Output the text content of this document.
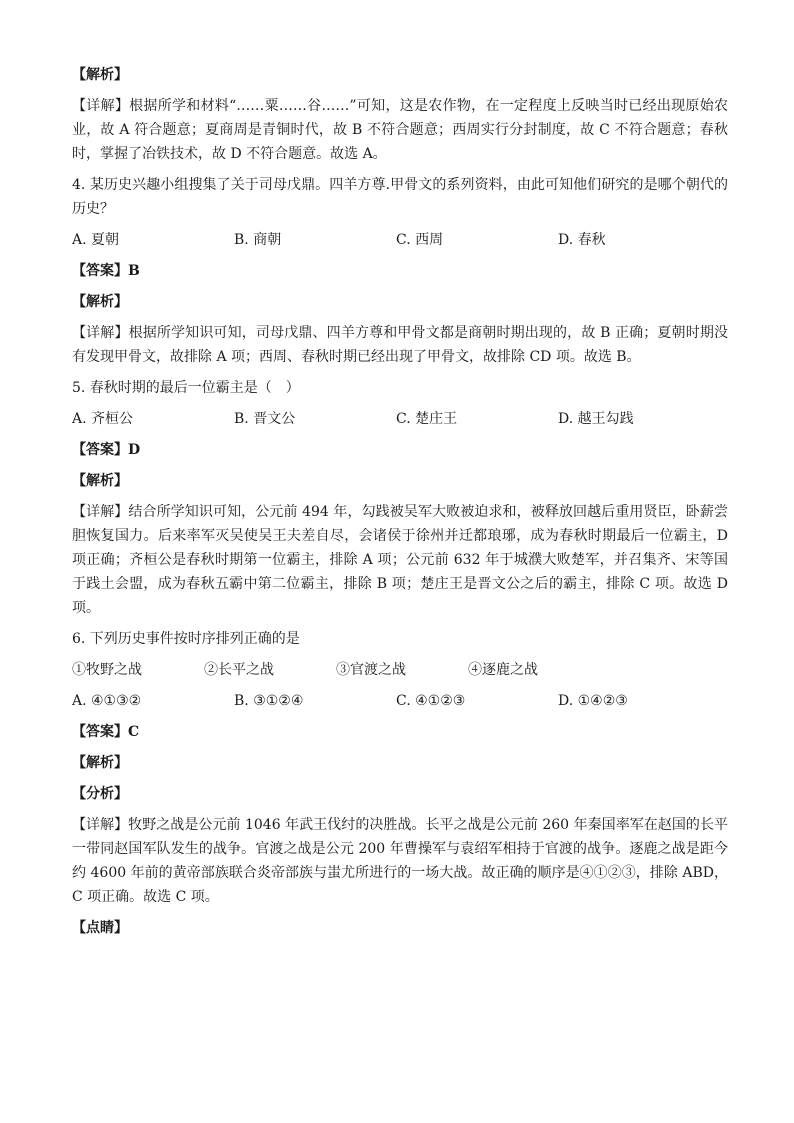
【解析】

【详解】根据所学和材料“……粟……谷……”可知，这是农作物，在一定程度上反映当时已经出现原始农业，故 A 符合题意；夏商周是青铜时代，故 B 不符合题意；西周实行分封制度，故 C 不符合题意；春秋时，掌握了冶铁技术，故 D 不符合题意。故选 A。

4. 某历史兴趣小组搜集了关于司母戊鼎。四羊方尊.甲骨文的系列资料，由此可知他们研究的是哪个朝代的历史？

A. 夏朝	B. 商朝	C. 西周	D. 春秋

【答案】B

【解析】

【详解】根据所学知识可知，司母戊鼎、四羊方尊和甲骨文都是商朝时期出现的，故 B 正确；夏朝时期没有发现甲骨文，故排除 A 项；西周、春秋时期已经出现了甲骨文，故排除 CD 项。故选 B。

5. 春秋时期的最后一位霸主是（　）

A. 齐桓公	B. 晋文公	C. 楚庄王	D. 越王勾践

【答案】D

【解析】

【详解】结合所学知识可知，公元前 494 年，勾践被吴军大败被迫求和，被释放回越后重用贤臣，卧薪尝胆恢复国力。后来率军灭吴使吴王夫差自尽，会诸侯于徐州并迁都琅琊，成为春秋时期最后一位霸主，D 项正确；齐桓公是春秋时期第一位霸主，排除 A 项；公元前 632 年于城濮大败楚军，并召集齐、宋等国于践土会盟，成为春秋五霸中第二位霸主，排除 B 项；楚庄王是晋文公之后的霸主，排除 C 项。故选 D 项。

6. 下列历史事件按时序排列正确的是

①牧野之战	②长平之战	③官渡之战	④逐鹿之战
A. ④①③②	B. ③①②④	C. ④①②③	D. ①④②③

【答案】C

【解析】

【分析】

【详解】牧野之战是公元前 1046 年武王伐纣的决胜战。长平之战是公元前 260 年秦国率军在赵国的长平一带同赵国军队发生的战争。官渡之战是公元 200 年曹操军与袁绍军相持于官渡的战争。逐鹿之战是距今约 4600 年前的黄帝部族联合炎帝部族与蚩尤所进行的一场大战。故正确的顺序是④①②③，排除 ABD，C 项正确。故选 C 项。

【点睛】
